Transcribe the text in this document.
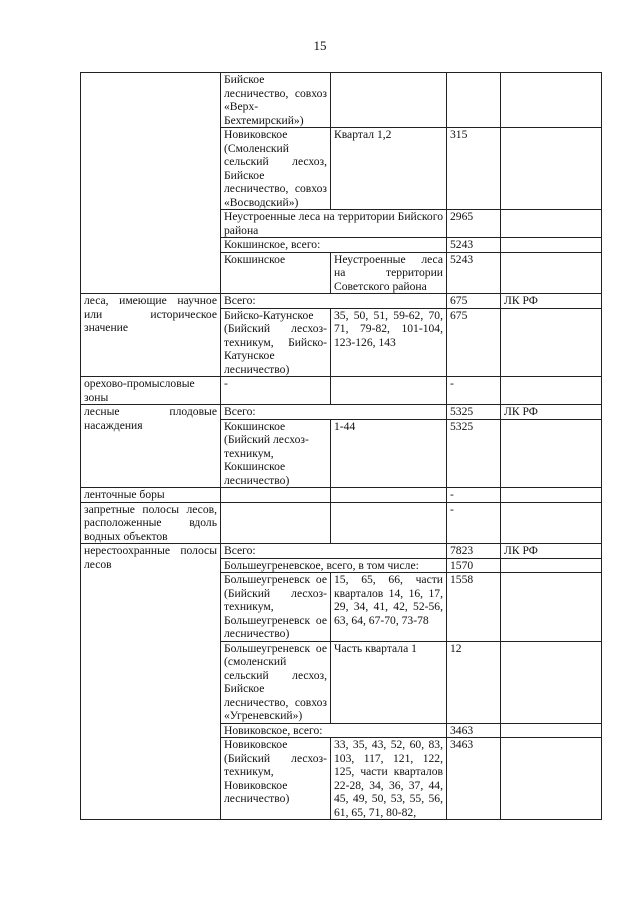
15
	Бийское лесничество, совхоз «Верх-Бехтемирский»)			
	Новиковское (Смоленский сельский лесхоз, Бийское лесничество, совхоз «Восводский»)	Квартал 1,2	315	
	Неустроенные леса на территории Бийского района		2965	
	Кокшинское, всего:		5243	
	Кокшинское	Неустроенные леса на территории Советского района	5243	
леса, имеющие научное или историческое значение	Всего:		675	ЛК РФ
	Бийско-Катунское (Бийский лесхоз-техникум, Бийско-Катунское лесничество)	35, 50, 51, 59-62, 70, 71, 79-82, 101-104, 123-126, 143	675	
орехово-промысловые зоны	-		-	
лесные плодовые насаждения	Всего:		5325	ЛК РФ
	Кокшинское (Бийский лесхоз-техникум, Кокшинское лесничество)	1-44	5325	
ленточные боры			-	
запретные полосы лесов, расположенные вдоль водных объектов			-	
нерестоохранные полосы лесов	Всего:		7823	ЛК РФ
	Большеугреневское, всего, в том числе:		1570	
	Большеугреневск ое (Бийский лесхоз-техникум, Большеугреневск ое лесничество)	15, 65, 66, части кварталов 14, 16, 17, 29, 34, 41, 42, 52-56, 63, 64, 67-70, 73-78	1558	
	Большеугреневск ое (смоленский сельский лесхоз, Бийское лесничество, совхоз «Угреневский»)	Часть квартала 1	12	
	Новиковское, всего:		3463	
	Новиковское (Бийский лесхоз-техникум, Новиковское лесничество)	33, 35, 43, 52, 60, 83, 103, 117, 121, 122, 125, части кварталов 22-28, 34, 36, 37, 44, 45, 49, 50, 53, 55, 56, 61, 65, 71, 80-82,	3463	
